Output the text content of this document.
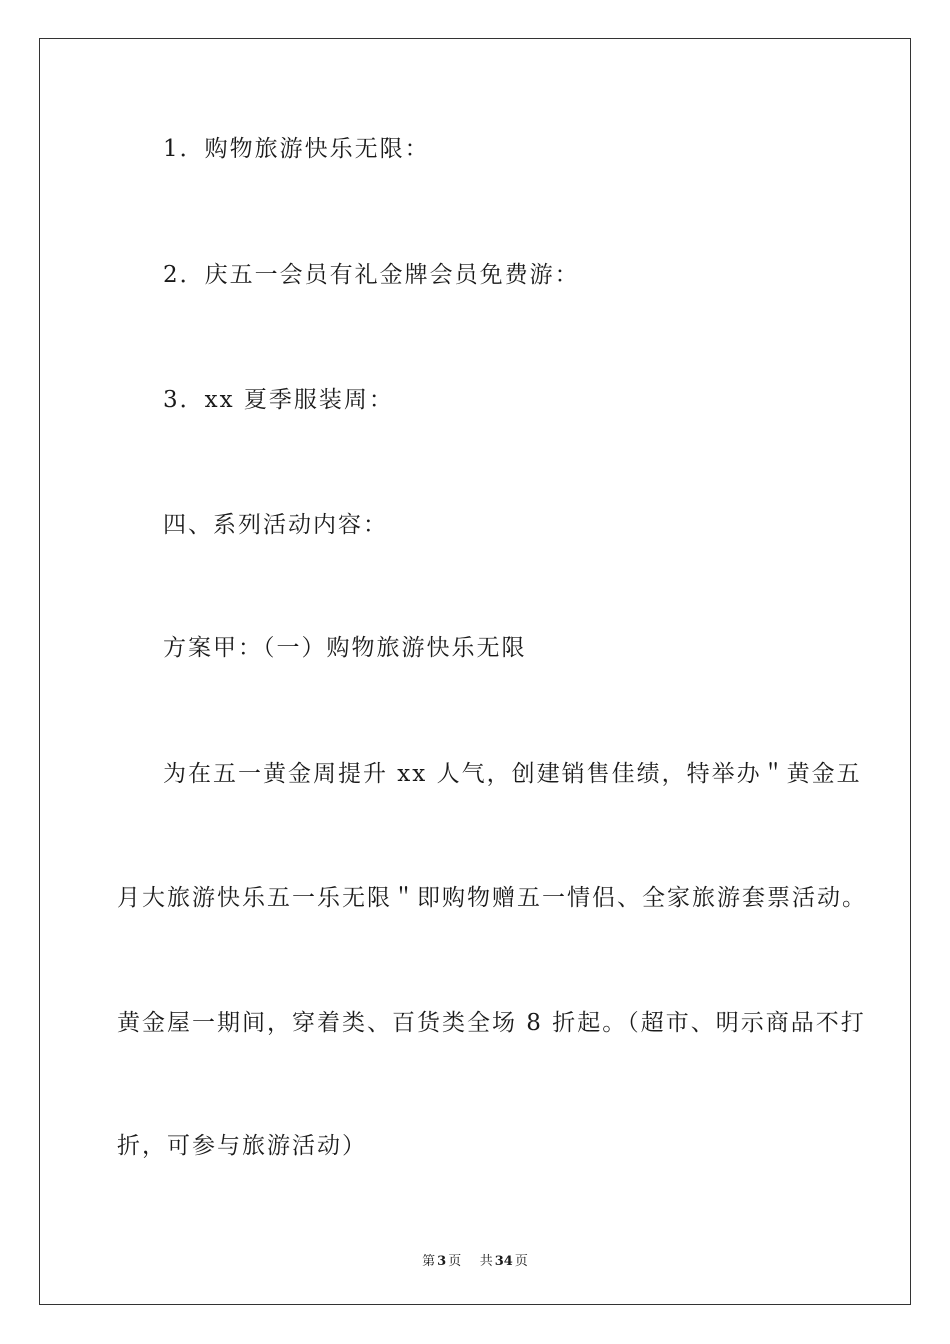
1．购物旅游快乐无限：
2．庆五一会员有礼金牌会员免费游：
3．xx 夏季服装周：
四、系列活动内容：
方案甲：（一）购物旅游快乐无限
为在五一黄金周提升 xx 人气，创建销售佳绩，特举办＂黄金五
月大旅游快乐五一乐无限＂即购物赠五一情侣、全家旅游套票活动。
黄金屋一期间，穿着类、百货类全场 8 折起。（超市、明示商品不打
折，可参与旅游活动）
第 3 页 共 34 页
